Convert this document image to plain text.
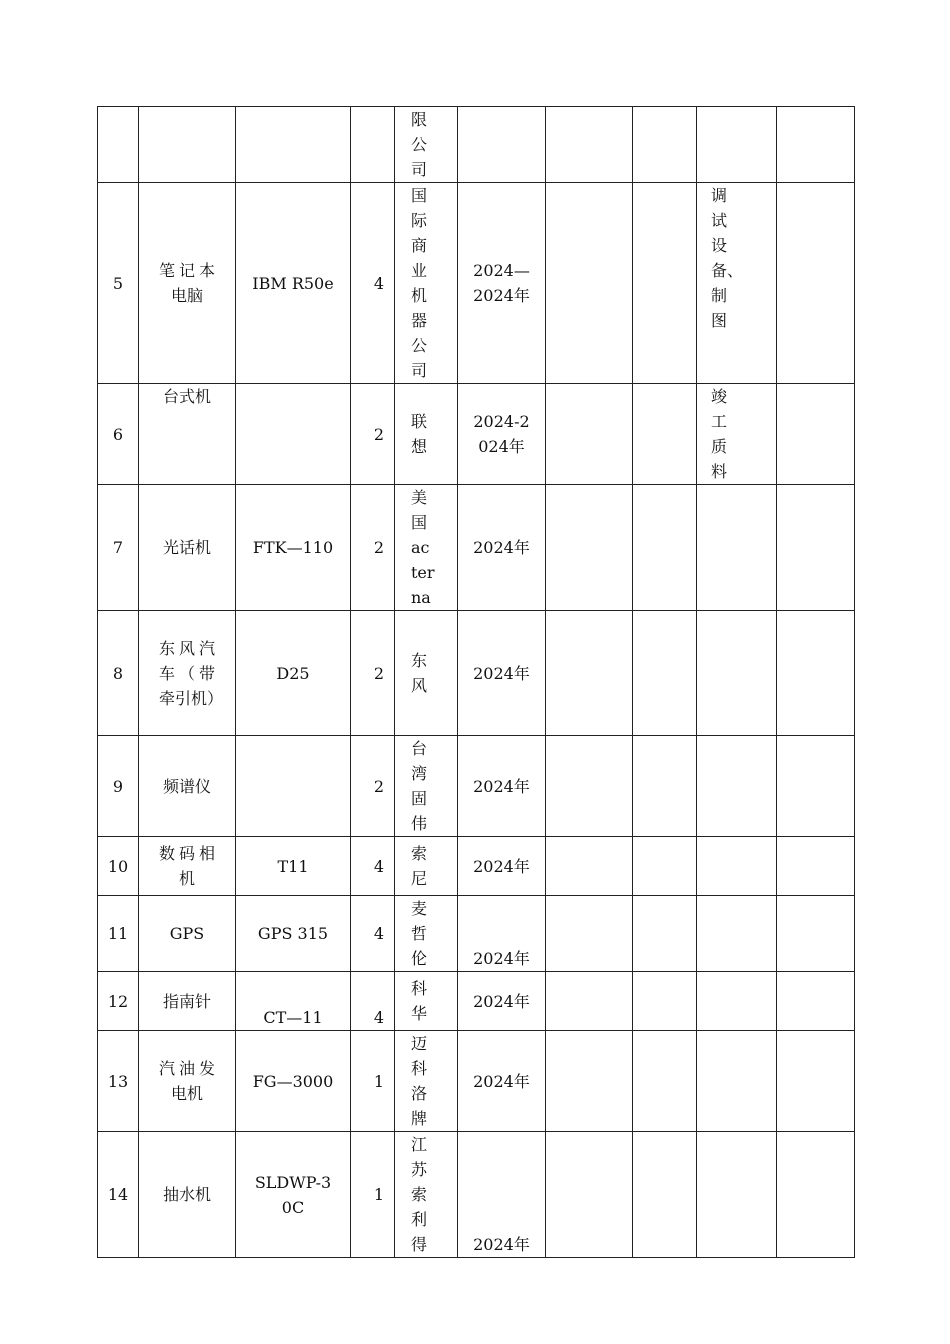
				限公司					

5	笔记本电脑	IBM R50e	4	国际商业机器公司	2024—2024年			调试设备、制图	

6	台式机		2	联想	2024-2024年			竣工质料	

7	光话机	FTK—110	2	美国acterna	2024年			

8	东风汽车（带牵引机）	D25	2	东风	2024年			

9	频谱仪		2	台湾固伟	2024年			

10	数码相机	T11	4	索尼	2024年			

11	GPS	GPS 315	4	麦哲伦	2024年			

12	指南针	CT—11	4	科华	2024年			

13	汽油发电机	FG—3000	1	迈科洛牌	2024年			

14	抽水机	SLDWP-30C	1	江苏索利得	2024年			
